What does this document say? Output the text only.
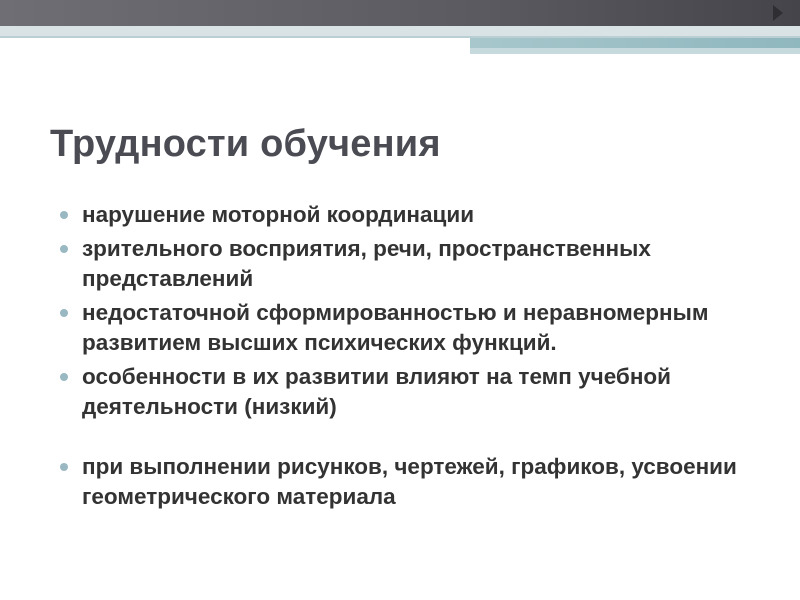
Трудности обучения
нарушение моторной координации
зрительного восприятия, речи, пространственных представлений
недостаточной сформированностью и неравномерным развитием высших психических функций.
особенности в их развитии влияют на темп учебной деятельности (низкий)
при выполнении рисунков, чертежей, графиков, усвоении геометрического материала
